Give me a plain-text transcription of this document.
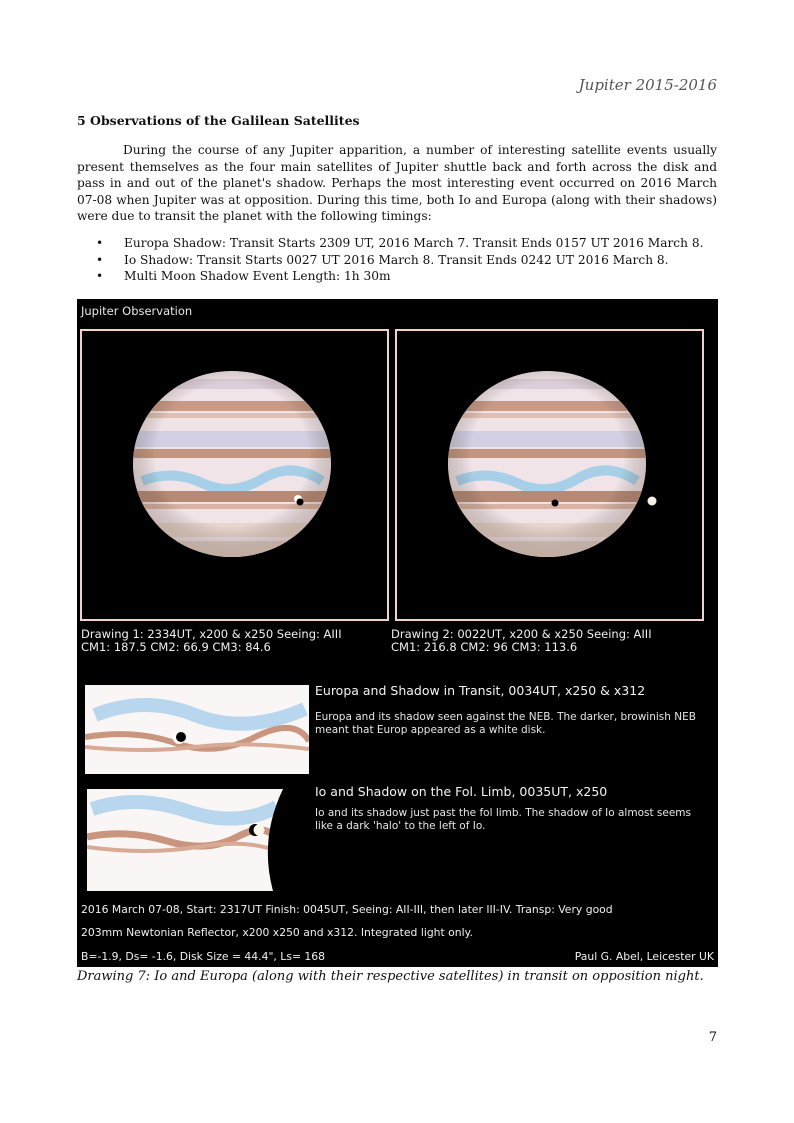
Jupiter 2015-2016
5 Observations of the Galilean Satellites

During the course of any Jupiter apparition, a number of interesting satellite events usually present themselves as the four main satellites of Jupiter shuttle back and forth across the disk and pass in and out of the planet's shadow. Perhaps the most interesting event occurred on 2016 March 07-08 when Jupiter was at opposition. During this time, both Io and Europa (along with their shadows) were due to transit the planet with the following timings:

• Europa Shadow: Transit Starts 2309 UT, 2016 March 7. Transit Ends 0157 UT 2016 March 8.
• Io Shadow: Transit Starts 0027 UT 2016 March 8. Transit Ends 0242 UT 2016 March 8.
• Multi Moon Shadow Event Length: 1h 30m
Jupiter Observation
Drawing 1: 2334UT, x200 & x250 Seeing: AIII
CM1: 187.5 CM2: 66.9 CM3: 84.6
Drawing 2: 0022UT, x200 & x250 Seeing: AIII
CM1: 216.8 CM2: 96 CM3: 113.6
Europa and Shadow in Transit, 0034UT, x250 & x312
Europa and its shadow seen against the NEB. The darker, browinish NEB meant that Europ appeared as a white disk.
Io and Shadow on the Fol. Limb, 0035UT, x250
Io and its shadow just past the fol limb. The shadow of Io almost seems like a dark 'halo' to the left of Io.
2016 March 07-08, Start: 2317UT Finish: 0045UT, Seeing: AII-III, then later III-IV. Transp: Very good
203mm Newtonian Reflector, x200 x250 and x312. Integrated light only.
B=-1.9, Ds= -1.6, Disk Size = 44.4", Ls= 168	Paul G. Abel, Leicester UK
Drawing 7: Io and Europa (along with their respective satellites) in transit on opposition night.
7
